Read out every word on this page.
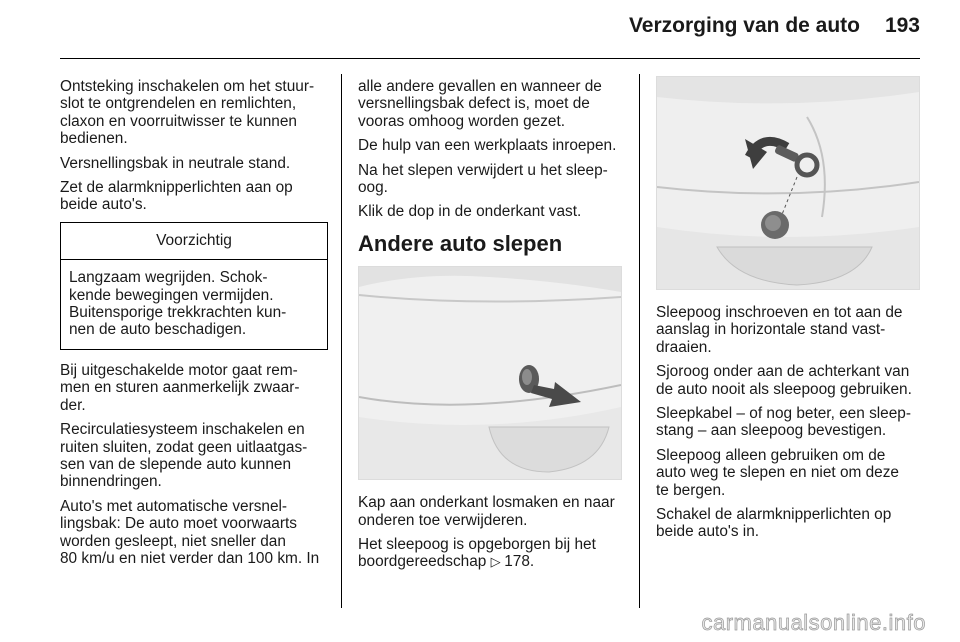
Verzorging van de auto 193

Ontsteking inschakelen om het stuur-
slot te ontgrendelen en remlichten,
claxon en voorruitwisser te kunnen
bedienen.

Versnellingsbak in neutrale stand.

Zet de alarmknipperlichten aan op
beide auto's.

Voorzichtig
Langzaam wegrijden. Schok-
kende bewegingen vermijden.
Buitensporige trekkrachten kun-
nen de auto beschadigen.

Bij uitgeschakelde motor gaat rem-
men en sturen aanmerkelijk zwaar-
der.

Recirculatiesysteem inschakelen en
ruiten sluiten, zodat geen uitlaatgas-
sen van de slepende auto kunnen
binnendringen.

Auto's met automatische versnel-
lingsbak: De auto moet voorwaarts
worden gesleept, niet sneller dan
80 km/u en niet verder dan 100 km. In

alle andere gevallen en wanneer de
versnellingsbak defect is, moet de
vooras omhoog worden gezet.

De hulp van een werkplaats inroepen.

Na het slepen verwijdert u het sleep-
oog.

Klik de dop in de onderkant vast.

Andere auto slepen

Kap aan onderkant losmaken en naar
onderen toe verwijderen.

Het sleepoog is opgeborgen bij het
boordgereedschap ▷ 178.

Sleepoog inschroeven en tot aan de
aanslag in horizontale stand vast-
draaien.

Sjoroog onder aan de achterkant van
de auto nooit als sleepoog gebruiken.

Sleepkabel – of nog beter, een sleep-
stang – aan sleepoog bevestigen.

Sleepoog alleen gebruiken om de
auto weg te slepen en niet om deze
te bergen.

Schakel de alarmknipperlichten op
beide auto's in.

carmanualsonline.info
